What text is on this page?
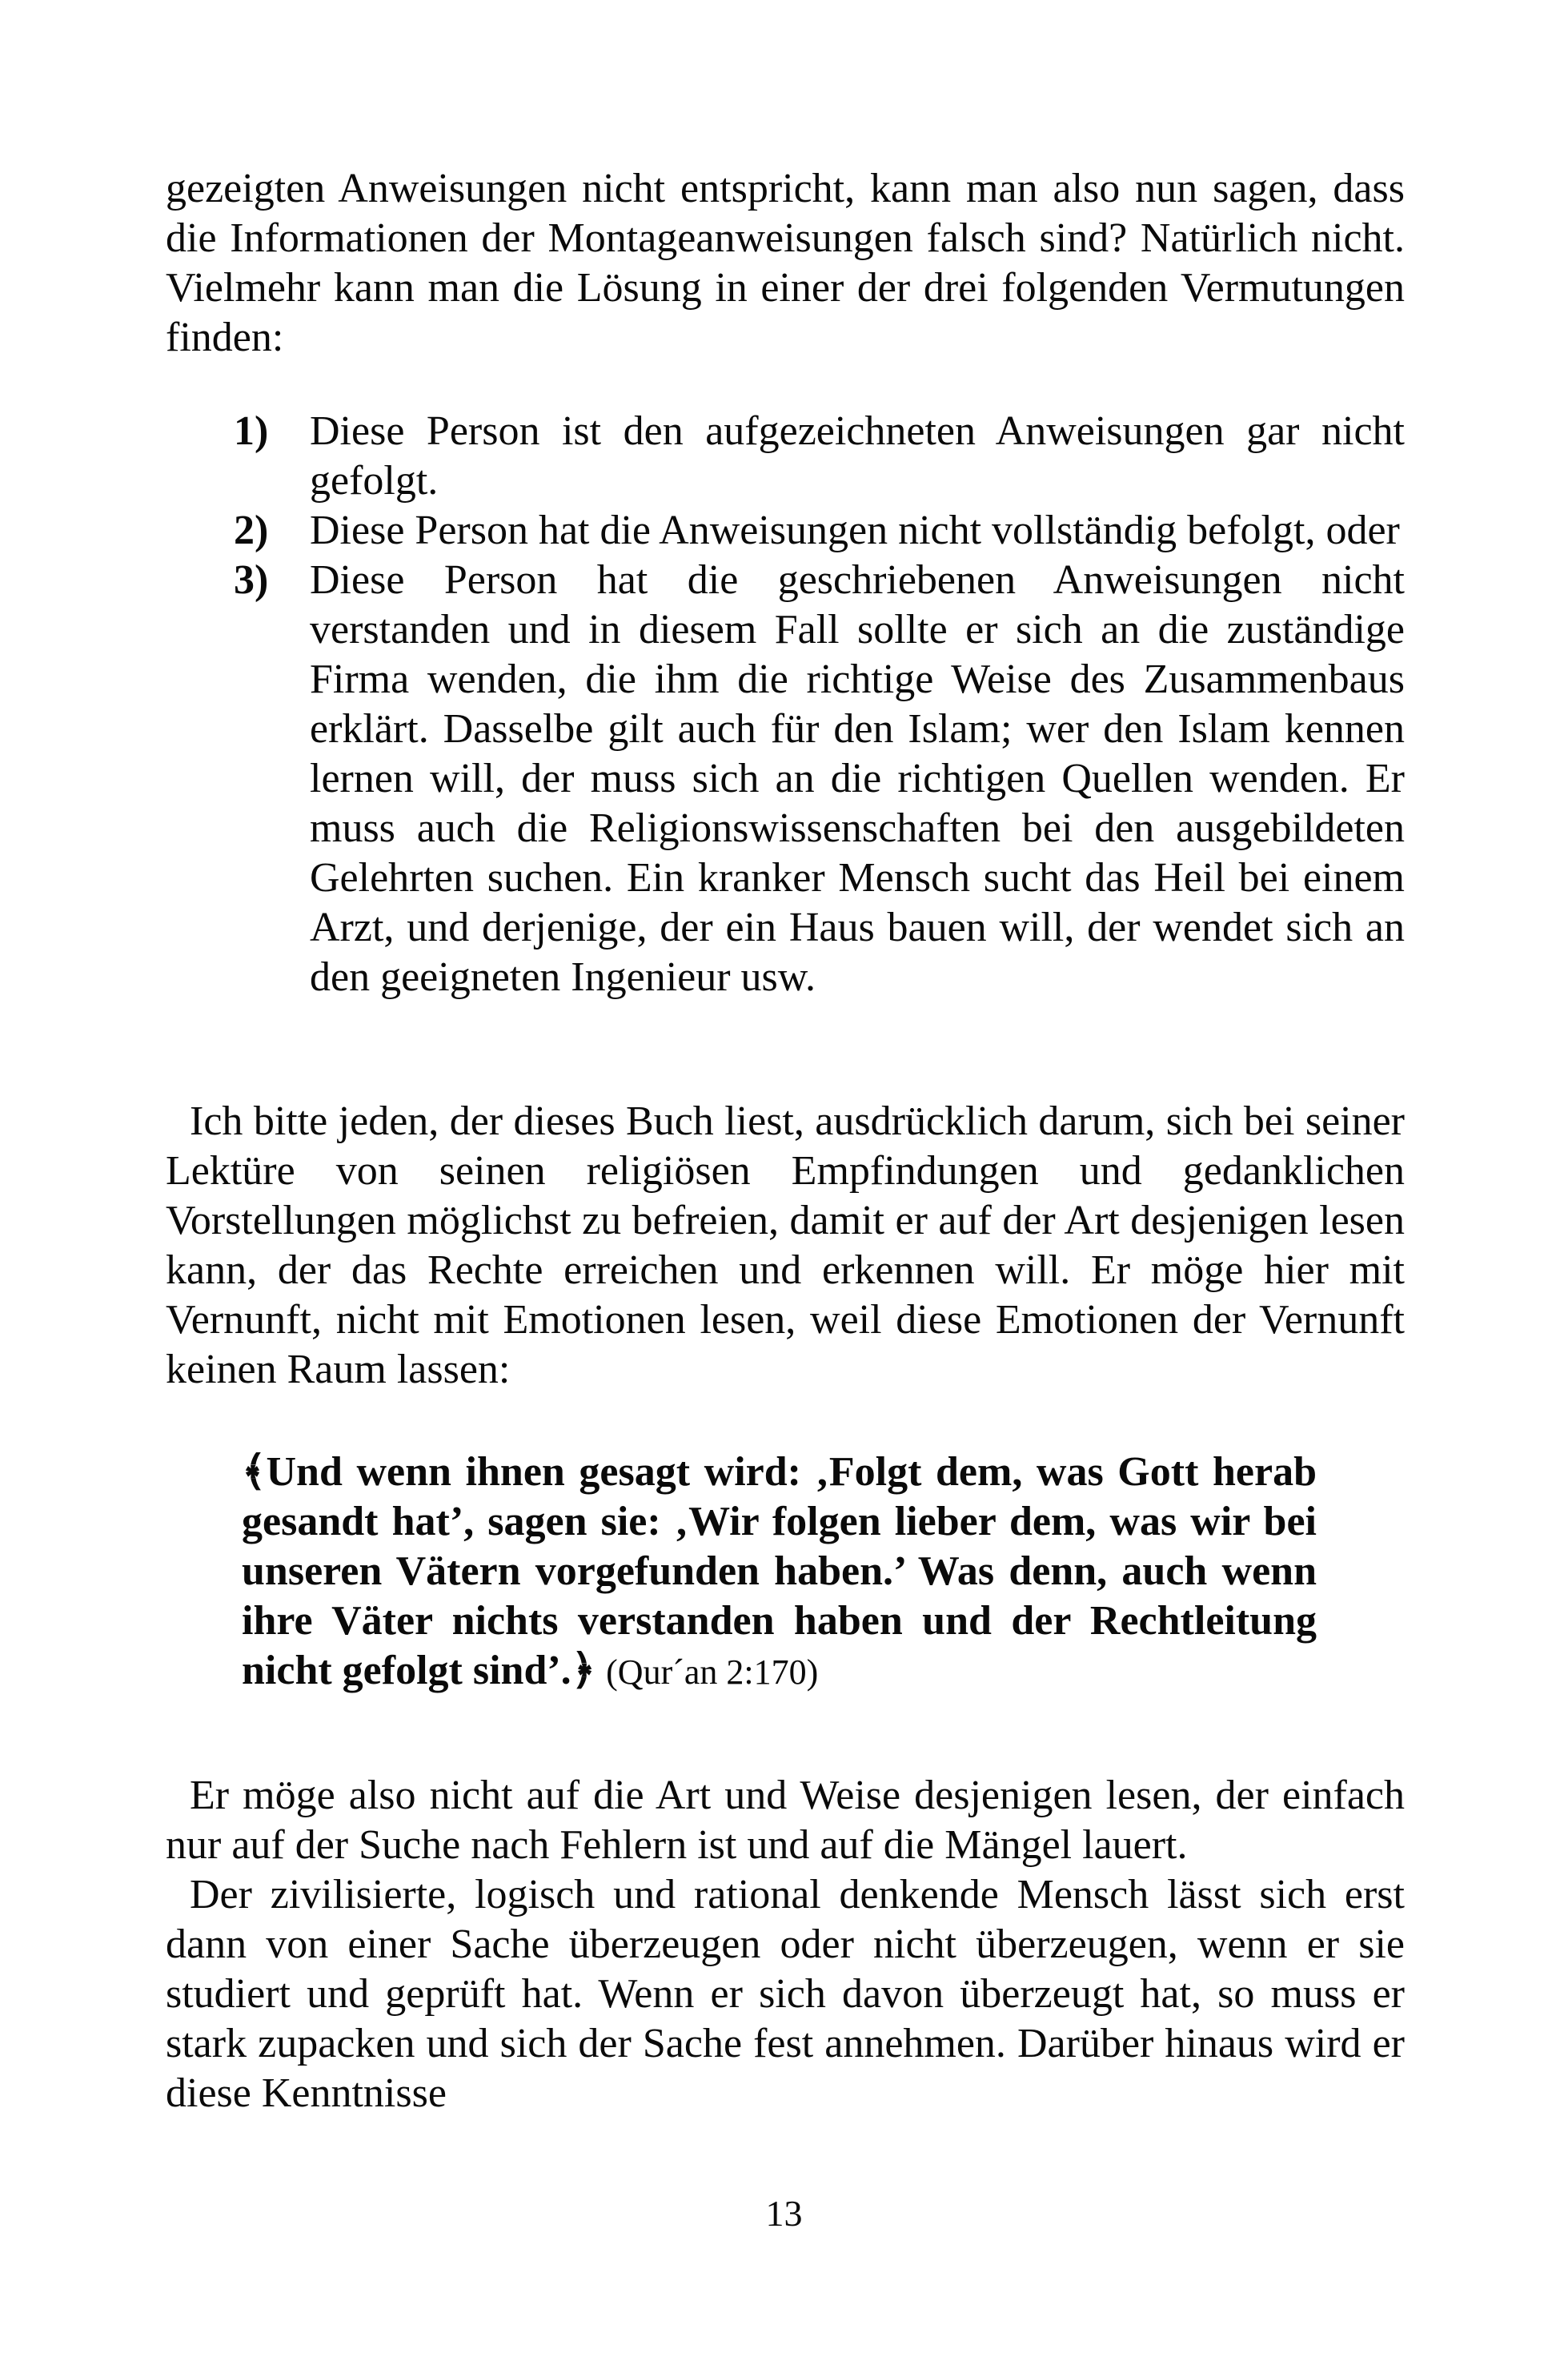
gezeigten Anweisungen nicht entspricht, kann man also nun sagen, dass die Informationen der Montageanweisungen falsch sind? Natürlich nicht. Vielmehr kann man die Lösung in einer der drei folgenden Vermutungen finden:

1) Diese Person ist den aufgezeichneten Anweisungen gar nicht gefolgt.
2) Diese Person hat die Anweisungen nicht vollständig befolgt, oder
3) Diese Person hat die geschriebenen Anweisungen nicht verstanden und in diesem Fall sollte er sich an die zuständige Firma wenden, die ihm die richtige Weise des Zusammenbaus erklärt. Dasselbe gilt auch für den Islam; wer den Islam kennen lernen will, der muss sich an die richtigen Quellen wenden. Er muss auch die Religionswissenschaften bei den ausgebildeten Gelehrten suchen. Ein kranker Mensch sucht das Heil bei einem Arzt, und derjenige, der ein Haus bauen will, der wendet sich an den geeigneten Ingenieur usw.

Ich bitte jeden, der dieses Buch liest, ausdrücklich darum, sich bei seiner Lektüre von seinen religiösen Empfindungen und gedanklichen Vorstellungen möglichst zu befreien, damit er auf der Art desjenigen lesen kann, der das Rechte erreichen und erkennen will. Er möge hier mit Vernunft, nicht mit Emotionen lesen, weil diese Emotionen der Vernunft keinen Raum lassen:

﴾Und wenn ihnen gesagt wird: ‚Folgt dem, was Gott herab gesandt hat’, sagen sie: ‚Wir folgen lieber dem, was wir bei unseren Vätern vorgefunden haben.’ Was denn, auch wenn ihre Väter nichts verstanden haben und der Rechtleitung nicht gefolgt sind’.﴿ (Qur´an 2:170)

Er möge also nicht auf die Art und Weise desjenigen lesen, der einfach nur auf der Suche nach Fehlern ist und auf die Mängel lauert.

Der zivilisierte, logisch und rational denkende Mensch lässt sich erst dann von einer Sache überzeugen oder nicht überzeugen, wenn er sie studiert und geprüft hat. Wenn er sich davon überzeugt hat, so muss er stark zupacken und sich der Sache fest annehmen. Darüber hinaus wird er diese Kenntnisse

13
